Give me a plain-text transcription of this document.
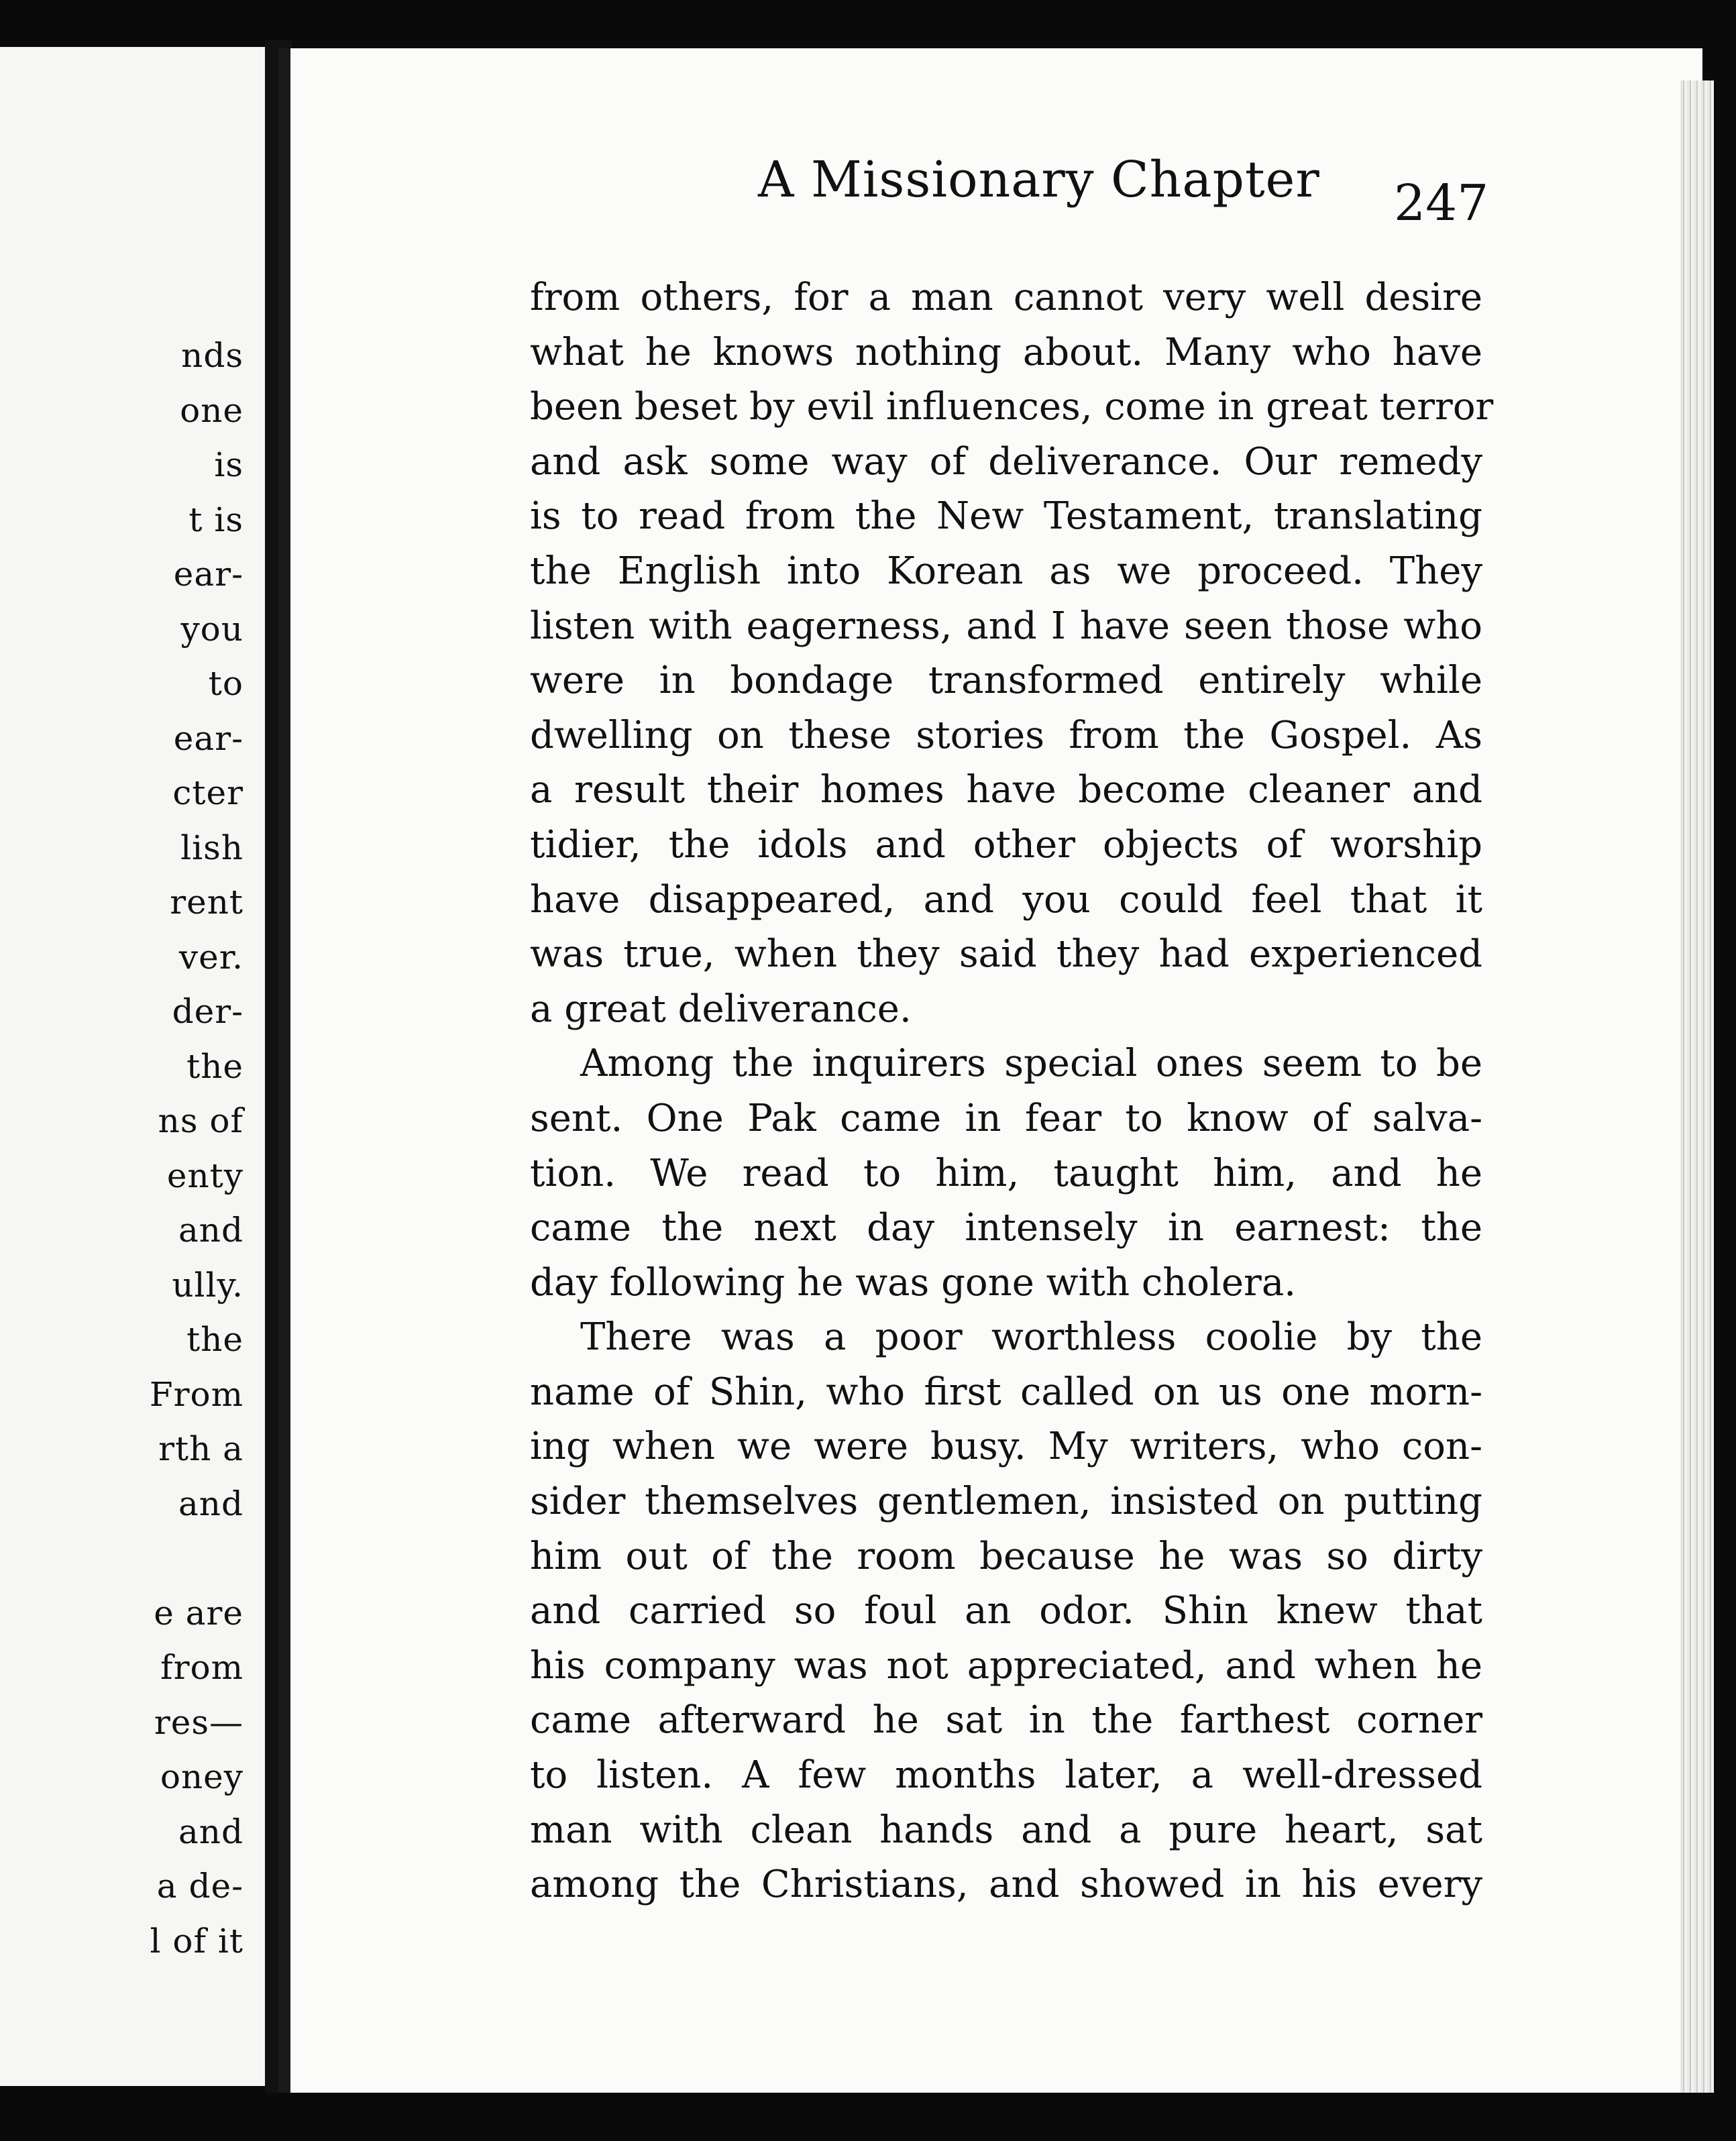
nds
one
is
t is
ear-
you
to
ear-
cter
lish
rent
ver.
der-
the
ns of
enty
and
ully.
the
From
rth a
and
e are
from
res—
oney
and
a de-
l of it
A Missionary Chapter	247
from others, for a man cannot very well desire
what he knows nothing about. Many who have
been beset by evil influences, come in great terror
and ask some way of deliverance. Our remedy
is to read from the New Testament, translating
the English into Korean as we proceed. They
listen with eagerness, and I have seen those who
were in bondage transformed entirely while
dwelling on these stories from the Gospel. As
a result their homes have become cleaner and
tidier, the idols and other objects of worship
have disappeared, and you could feel that it
was true, when they said they had experienced
a great deliverance.
Among the inquirers special ones seem to be
sent. One Pak came in fear to know of salva-
tion. We read to him, taught him, and he
came the next day intensely in earnest: the
day following he was gone with cholera.
There was a poor worthless coolie by the
name of Shin, who first called on us one morn-
ing when we were busy. My writers, who con-
sider themselves gentlemen, insisted on putting
him out of the room because he was so dirty
and carried so foul an odor. Shin knew that
his company was not appreciated, and when he
came afterward he sat in the farthest corner
to listen. A few months later, a well-dressed
man with clean hands and a pure heart, sat
among the Christians, and showed in his every
